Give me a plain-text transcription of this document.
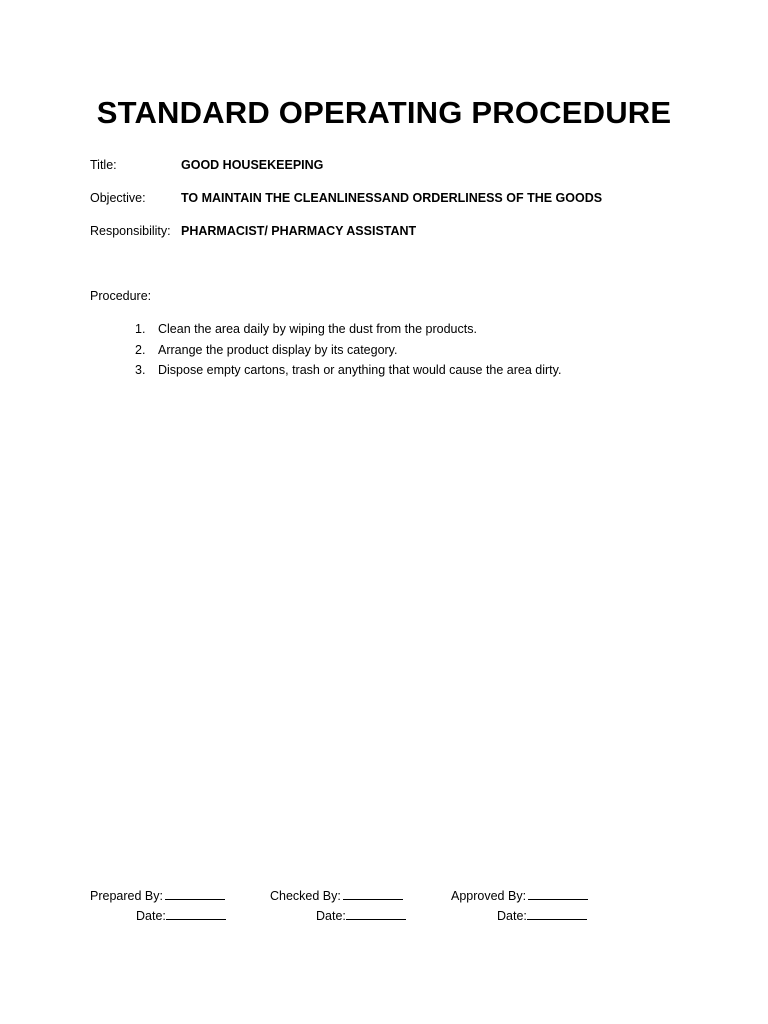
STANDARD OPERATING PROCEDURE
Title:	GOOD HOUSEKEEPING
Objective:	TO MAINTAIN THE CLEANLINESSAND ORDERLINESS OF THE GOODS
Responsibility: PHARMACIST/ PHARMACY ASSISTANT
Procedure:
1. Clean the area daily by wiping the dust from the products.
2. Arrange the product display by its category.
3. Dispose empty cartons, trash or anything that would cause the area dirty.
Prepared By:	Checked By:	Approved By:
Date:	Date:	Date:
